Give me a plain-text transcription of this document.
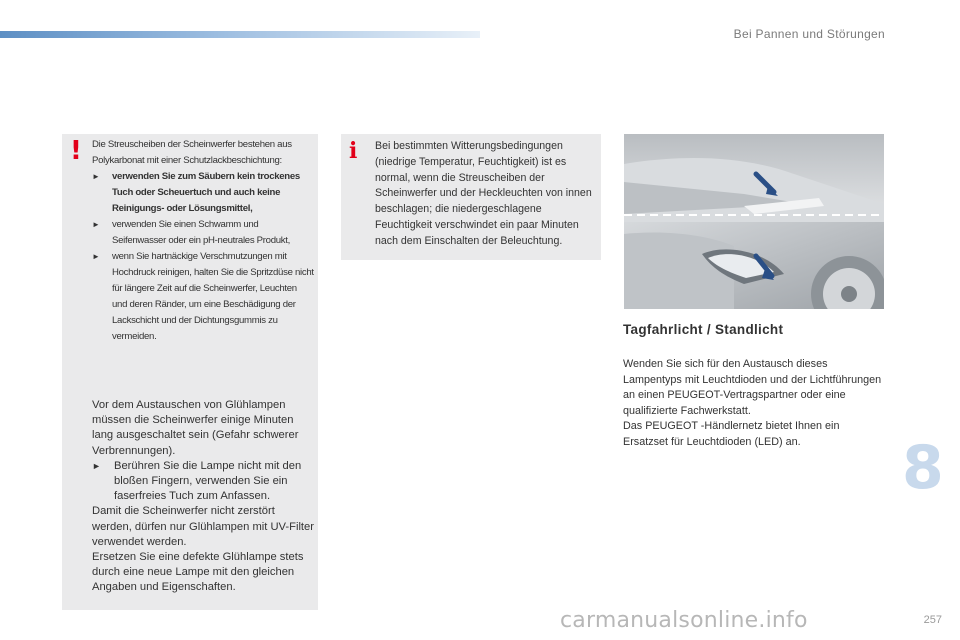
Bei Pannen und Störungen
! Die Streuscheiben der Scheinwerfer bestehen aus Polykarbonat mit einer Schutzlackbeschichtung:

►	verwenden Sie zum Säubern kein trockenes Tuch oder Scheuertuch und auch keine Reinigungs- oder Lösungsmittel,
►	verwenden Sie einen Schwamm und Seifenwasser oder ein pH-neutrales Produkt,
►	wenn Sie hartnäckige Verschmutzungen mit Hochdruck reinigen, halten Sie die Spritzdüse nicht für längere Zeit auf die Scheinwerfer, Leuchten und deren Ränder, um eine Beschädigung der Lackschicht und der Dichtungsgummis zu vermeiden.

Vor dem Austauschen von Glühlampen müssen die Scheinwerfer einige Minuten lang ausgeschaltet sein (Gefahr schwerer Verbrennungen).

►	Berühren Sie die Lampe nicht mit den bloßen Fingern, verwenden Sie ein faserfreies Tuch zum Anfassen.

Damit die Scheinwerfer nicht zerstört werden, dürfen nur Glühlampen mit UV-Filter verwendet werden.

Ersetzen Sie eine defekte Glühlampe stets durch eine neue Lampe mit den gleichen Angaben und Eigenschaften.

i	Bei bestimmten Witterungsbedingungen (niedrige Temperatur, Feuchtigkeit) ist es normal, wenn die Streuscheiben der Scheinwerfer und der Heckleuchten von innen beschlagen; die niedergeschlagene Feuchtigkeit verschwindet ein paar Minuten nach dem Einschalten der Beleuchtung.
Tagfahrlicht / Standlicht

Wenden Sie sich für den Austausch dieses Lampentyps mit Leuchtdioden und der Lichtführungen an einen PEUGEOT-Vertragspartner oder eine qualifizierte Fachwerkstatt.

Das PEUGEOT -Händlernetz bietet Ihnen ein Ersatzset für Leuchtdioden (LED) an.	8
257
carmanualsonline.info
